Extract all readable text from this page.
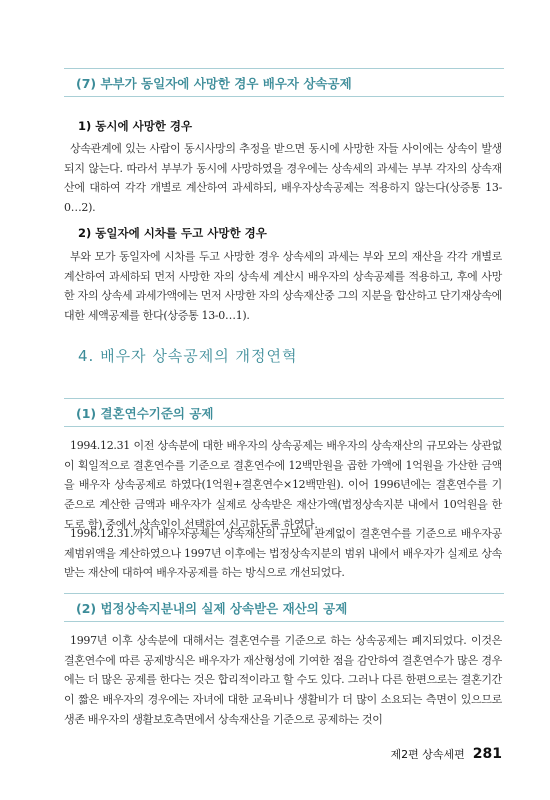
(7) 부부가 동일자에 사망한 경우 배우자 상속공제
1) 동시에 사망한 경우

상속관계에 있는 사람이 동시사망의 추정을 받으면 동시에 사망한 자들 사이에는 상속이 발생되지 않는다. 따라서 부부가 동시에 사망하였을 경우에는 상속세의 과세는 부부 각자의 상속재산에 대하여 각각 개별로 계산하여 과세하되, 배우자상속공제는 적용하지 않는다(상증통 13-0…2).

2) 동일자에 시차를 두고 사망한 경우

부와 모가 동일자에 시차를 두고 사망한 경우 상속세의 과세는 부와 모의 재산을 각각 개별로 계산하여 과세하되 먼저 사망한 자의 상속세 계산시 배우자의 상속공제를 적용하고, 후에 사망한 자의 상속세 과세가액에는 먼저 사망한 자의 상속재산중 그의 지분을 합산하고 단기재상속에 대한 세액공제를 한다(상증통 13-0…1).

4. 배우자 상속공제의 개정연혁
(1) 결혼연수기준의 공제

1994.12.31 이전 상속분에 대한 배우자의 상속공제는 배우자의 상속재산의 규모와는 상관없이 획일적으로 결혼연수를 기준으로 결혼연수에 12백만원을 곱한 가액에 1억원을 가산한 금액을 배우자 상속공제로 하였다(1억원+결혼연수×12백만원). 이어 1996년에는 결혼연수를 기준으로 계산한 금액과 배우자가 실제로 상속받은 재산가액(법정상속지분 내에서 10억원을 한도로 함) 중에서 상속인이 선택하여 신고하도록 하였다.

1996.12.31.까지 배우자공제는 상속재산의 규모에 관계없이 결혼연수를 기준으로 배우자공제범위액을 계산하였으나 1997년 이후에는 법정상속지분의 범위 내에서 배우자가 실제로 상속받는 재산에 대하여 배우자공제를 하는 방식으로 개선되었다.

(2) 법정상속지분내의 실제 상속받은 재산의 공제

1997년 이후 상속분에 대해서는 결혼연수를 기준으로 하는 상속공제는 폐지되었다. 이것은 결혼연수에 따른 공제방식은 배우자가 재산형성에 기여한 점을 감안하여 결혼연수가 많은 경우에는 더 많은 공제를 한다는 것은 합리적이라고 할 수도 있다. 그러나 다른 한편으로는 결혼기간이 짧은 배우자의 경우에는 자녀에 대한 교육비나 생활비가 더 많이 소요되는 측면이 있으므로 생존 배우자의 생활보호측면에서 상속재산을 기준으로 공제하는 것이

제2편 상속세편 281
